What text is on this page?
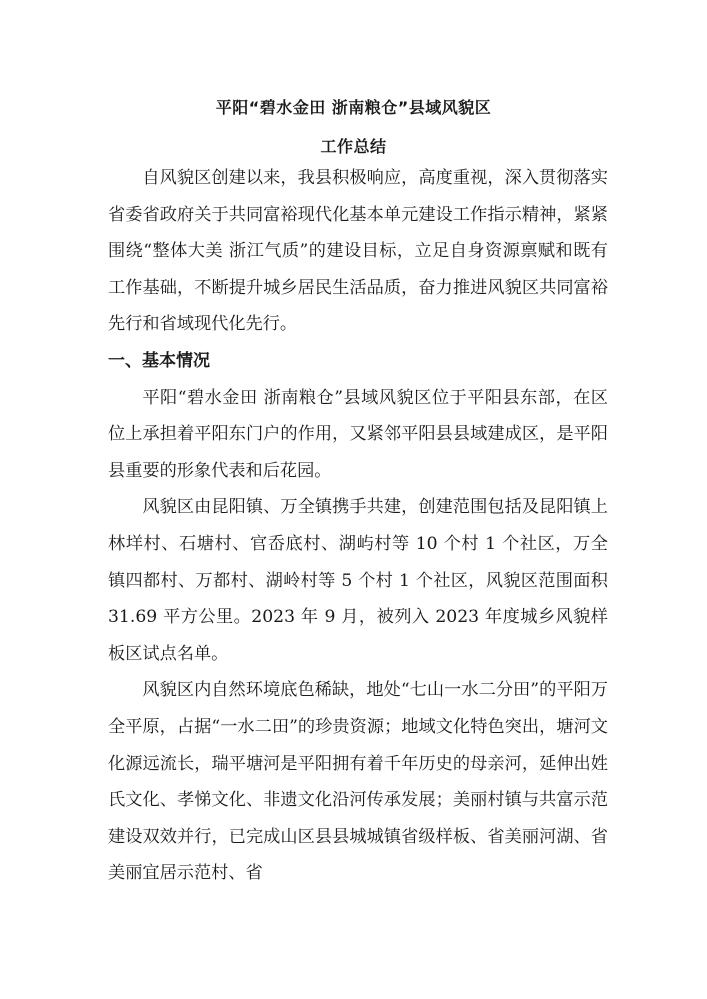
平阳“碧水金田 浙南粮仓”县域风貌区
工作总结

自风貌区创建以来，我县积极响应，高度重视，深入贯彻落实省委省政府关于共同富裕现代化基本单元建设工作指示精神，紧紧围绕“整体大美 浙江气质”的建设目标，立足自身资源禀赋和既有工作基础，不断提升城乡居民生活品质，奋力推进风貌区共同富裕先行和省域现代化先行。

一、基本情况

平阳“碧水金田 浙南粮仓”县域风貌区位于平阳县东部，在区位上承担着平阳东门户的作用，又紧邻平阳县县域建成区，是平阳县重要的形象代表和后花园。

风貌区由昆阳镇、万全镇携手共建，创建范围包括及昆阳镇上林垟村、石塘村、官岙底村、湖屿村等 10 个村 1 个社区，万全镇四都村、万都村、湖岭村等 5 个村 1 个社区，风貌区范围面积 31.69 平方公里。2023 年 9 月，被列入 2023 年度城乡风貌样板区试点名单。

风貌区内自然环境底色稀缺，地处“七山一水二分田”的平阳万全平原，占据“一水二田”的珍贵资源；地域文化特色突出，塘河文化源远流长，瑞平塘河是平阳拥有着千年历史的母亲河，延伸出姓氏文化、孝悌文化、非遗文化沿河传承发展；美丽村镇与共富示范建设双效并行，已完成山区县县城城镇省级样板、省美丽河湖、省美丽宜居示范村、省
